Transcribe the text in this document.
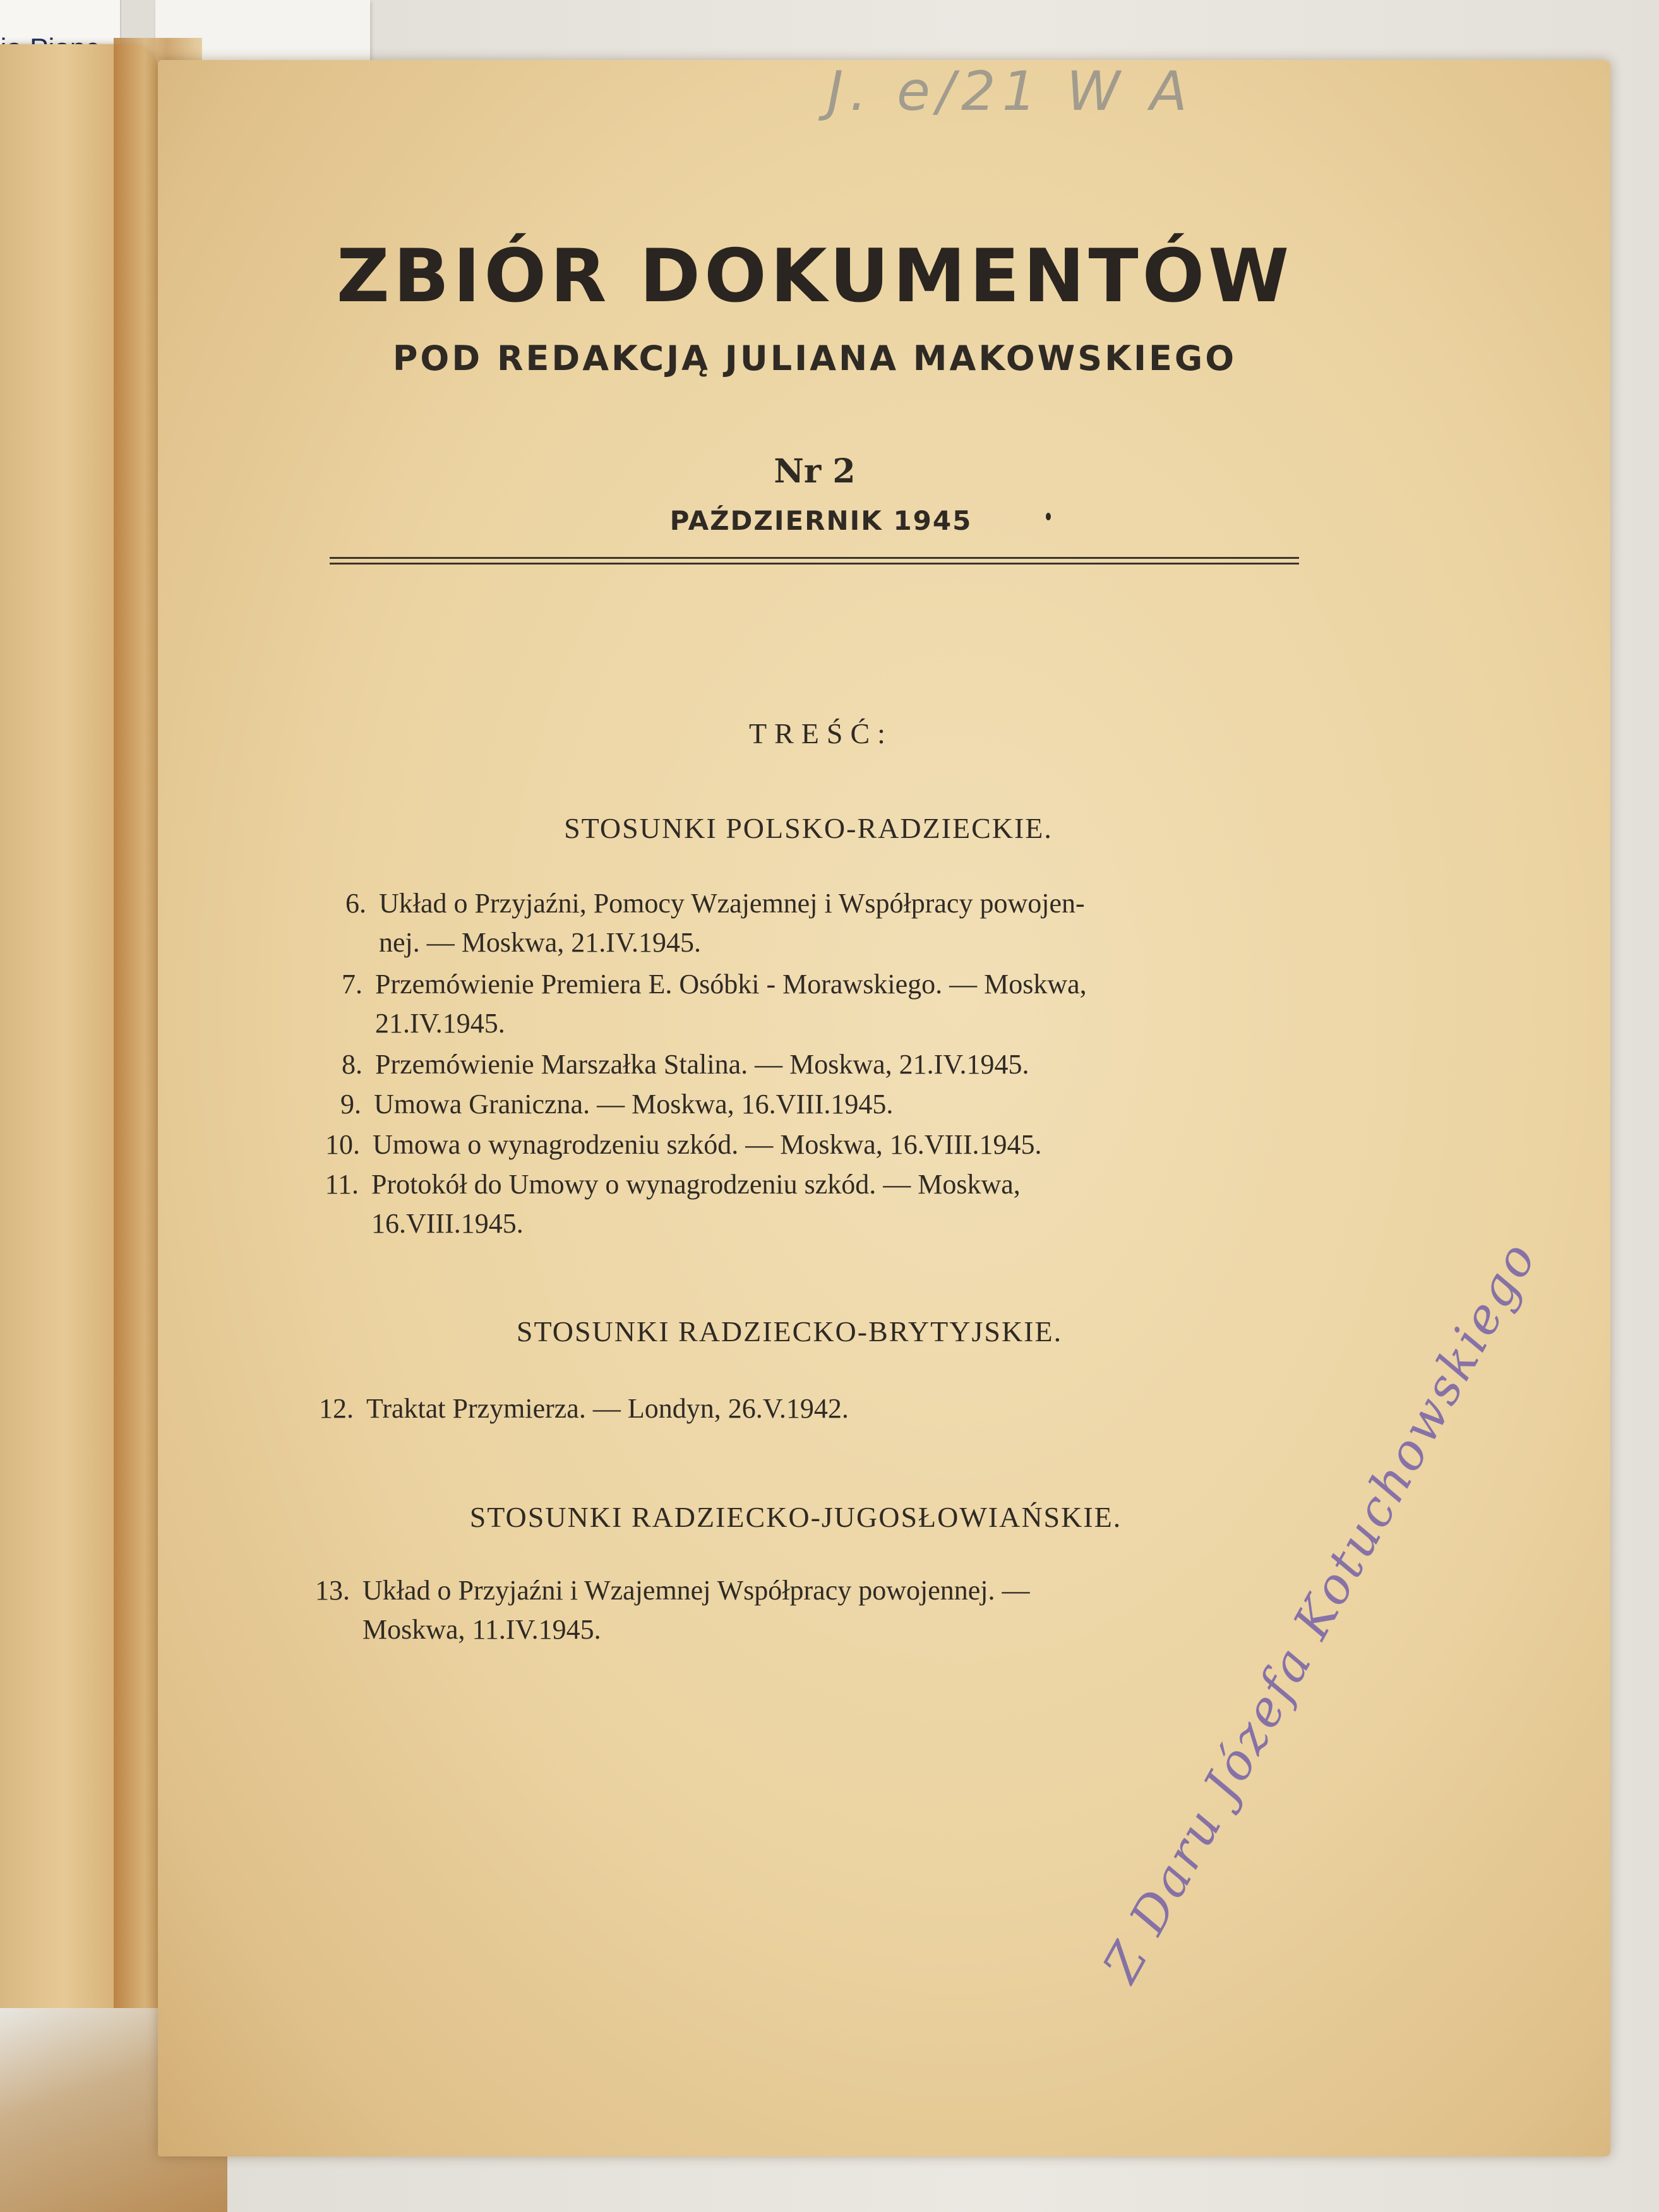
J. e/21 W A
ZBIÓR DOKUMENTÓW
POD REDAKCJĄ JULIANA MAKOWSKIEGO
Nr 2
PAŹDZIERNIK 1945
TREŚĆ:
STOSUNKI POLSKO-RADZIECKIE.
6. Układ o Przyjaźni, Pomocy Wzajemnej i Współpracy powojen-
nej. — Moskwa, 21.IV.1945.
7. Przemówienie Premiera E. Osóbki - Morawskiego. — Moskwa,
21.IV.1945.
8. Przemówienie Marszałka Stalina. — Moskwa, 21.IV.1945.
9. Umowa Graniczna. — Moskwa, 16.VIII.1945.
10. Umowa o wynagrodzeniu szkód. — Moskwa, 16.VIII.1945.
11. Protokół do Umowy o wynagrodzeniu szkód. — Moskwa,
16.VIII.1945.
STOSUNKI RADZIECKO-BRYTYJSKIE.
12. Traktat Przymierza. — Londyn, 26.V.1942.
STOSUNKI RADZIECKO-JUGOSŁOWIAŃSKIE.
13. Układ o Przyjaźni i Wzajemnej Współpracy powojennej. —
Moskwa, 11.IV.1945.	Z Daru Józefa Kotuchowskiego
